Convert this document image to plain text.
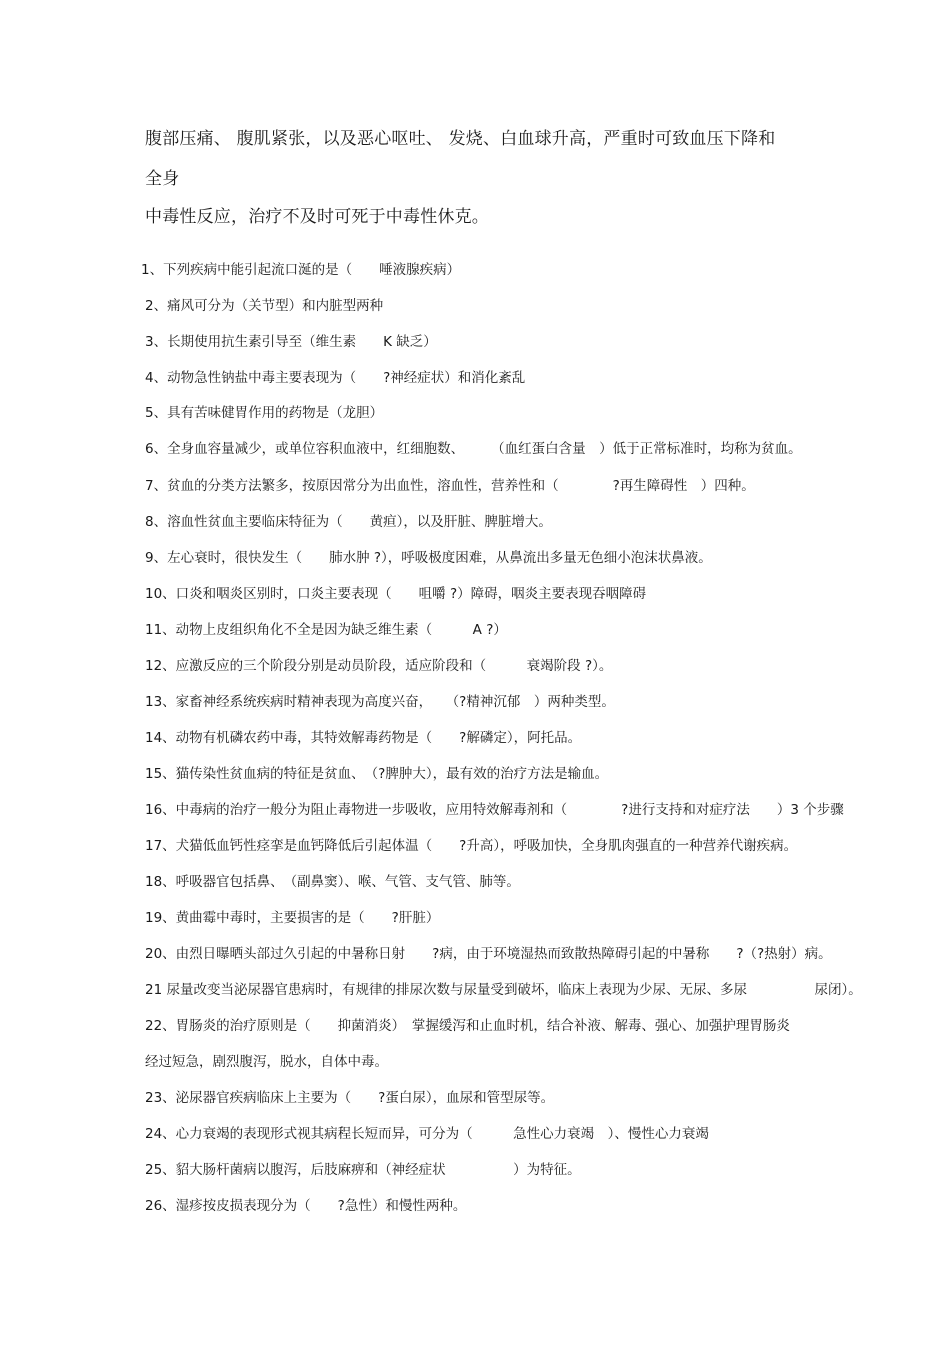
腹部压痛、 腹肌紧张，以及恶心呕吐、 发烧、白血球升高，严重时可致血压下降和
全身
中毒性反应，治疗不及时可死于中毒性休克。
1、下列疾病中能引起流口涎的是（　　唾液腺疾病）
2、痛风可分为（关节型）和内脏型两种
3、长期使用抗生素引导至（维生素　　K 缺乏）
4、动物急性钠盐中毒主要表现为（　　?神经症状）和消化紊乱
5、具有苦味健胃作用的药物是（龙胆）
6、全身血容量减少，或单位容积血液中，红细胞数、　　　（血红蛋白含量　）低于正常标准时，均称为贫血。
7、贫血的分类方法繁多，按原因常分为出血性，溶血性，营养性和（　　　　?再生障碍性　）四种。
8、溶血性贫血主要临床特征为（　　黄疸），以及肝脏、脾脏增大。
9、左心衰时，很快发生（　　肺水肿 ?），呼吸极度困难，从鼻流出多量无色细小泡沫状鼻液。
10、口炎和咽炎区别时，口炎主要表现（　　咀嚼 ?）障碍，咽炎主要表现吞咽障碍
11、动物上皮组织角化不全是因为缺乏维生素（　　　A ?）
12、应激反应的三个阶段分别是动员阶段，适应阶段和（　　　衰竭阶段 ?）。
13、家畜神经系统疾病时精神表现为高度兴奋，　　（?精神沉郁　）两种类型。
14、动物有机磷农药中毒，其特效解毒药物是（　　?解磷定），阿托品。
15、猫传染性贫血病的特征是贫血、　（?脾肿大），最有效的治疗方法是输血。
16、中毒病的治疗一般分为阻止毒物进一步吸收，应用特效解毒剂和（　　　　?进行支持和对症疗法　　）3 个步骤
17、犬猫低血钙性痉挛是血钙降低后引起体温（　　?升高），呼吸加快，全身肌肉强直的一种营养代谢疾病。
18、呼吸器官包括鼻、　（副鼻窦）、喉、气管、支气管、肺等。
19、黄曲霉中毒时，主要损害的是（　　?肝脏）
20、由烈日曝晒头部过久引起的中暑称日射　　?病，由于环境湿热而致散热障碍引起的中暑称　　?（?热射）病。
21 尿量改变当泌尿器官患病时，有规律的排尿次数与尿量受到破坏，临床上表现为少尿、无尿、多尿　　　　　尿闭）。
22、胃肠炎的治疗原则是（　　抑菌消炎）　掌握缓泻和止血时机，结合补液、解毒、强心、加强护理胃肠炎
经过短急，剧烈腹泻，脱水，自体中毒。
23、泌尿器官疾病临床上主要为（　　?蛋白尿），血尿和管型尿等。
24、心力衰竭的表现形式视其病程长短而异，可分为（　　　急性心力衰竭　）、慢性心力衰竭
25、貂大肠杆菌病以腹泻，后肢麻痹和（神经症状　　　　　）为特征。
26、湿疹按皮损表现分为（　　?急性）和慢性两种。
